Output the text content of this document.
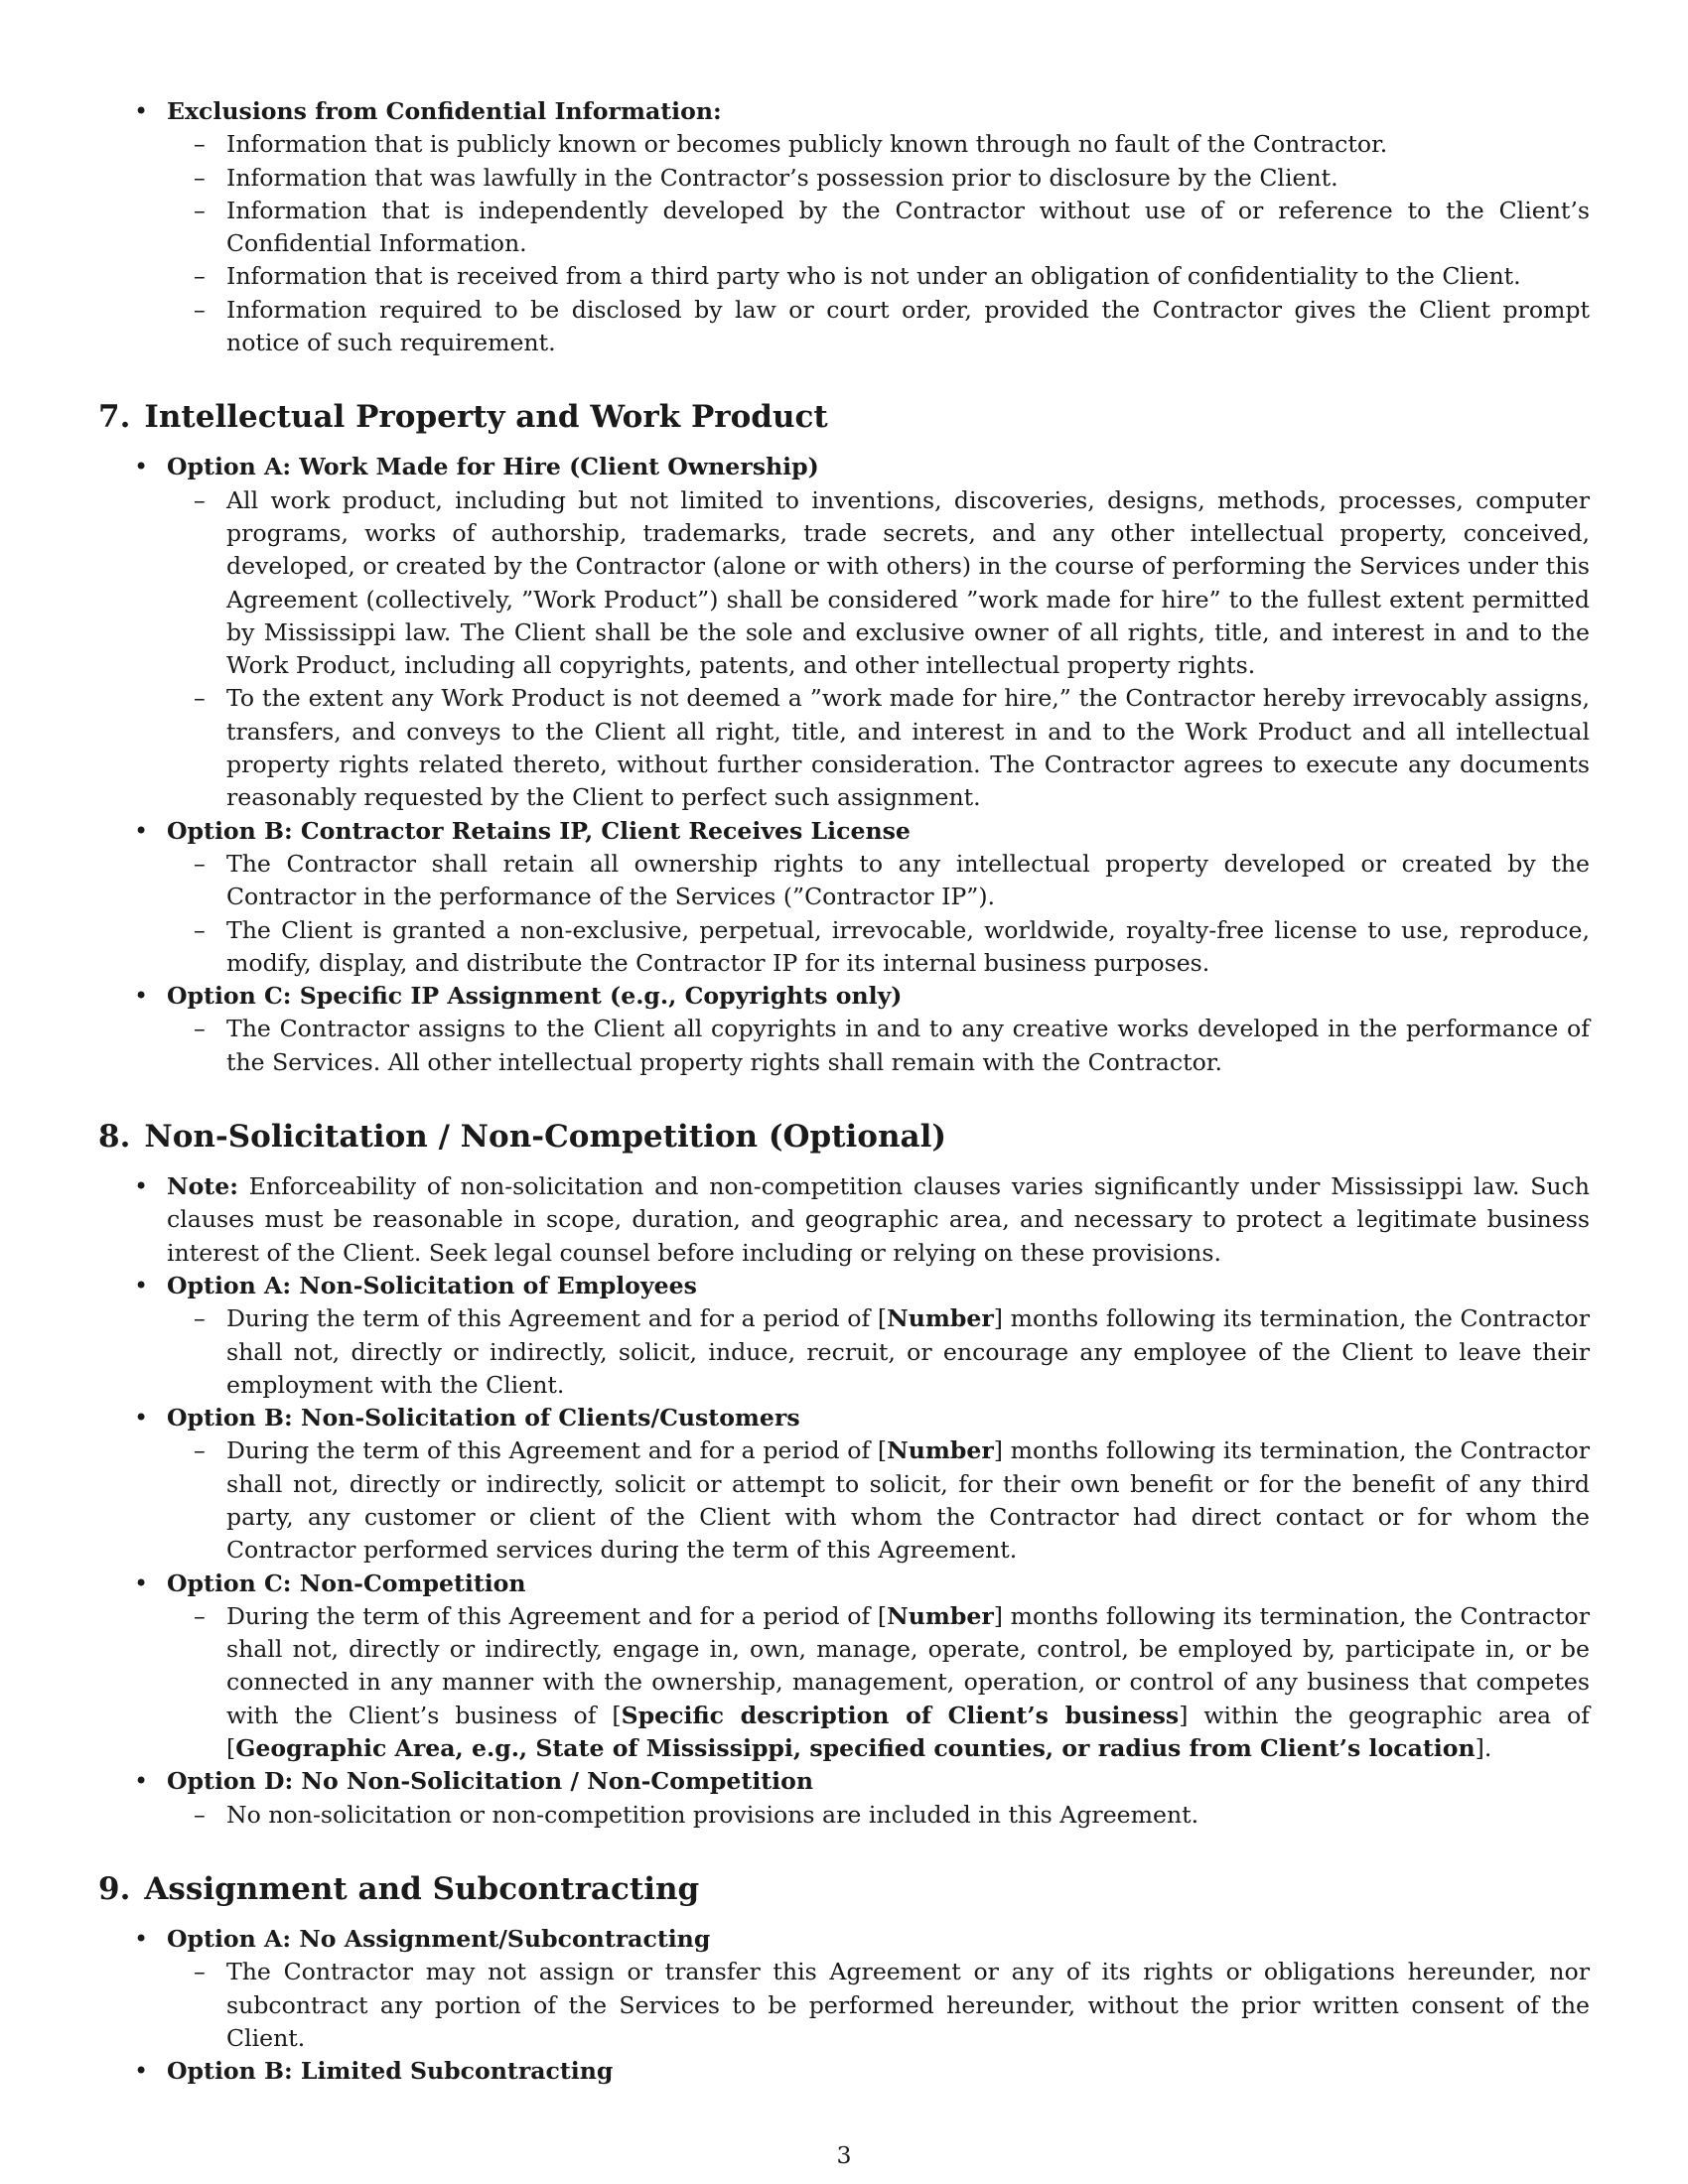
• Exclusions from Confidential Information:
– Information that is publicly known or becomes publicly known through no fault of the Contractor.
– Information that was lawfully in the Contractor’s possession prior to disclosure by the Client.
– Information that is independently developed by the Contractor without use of or reference to the Client’s Confidential Information.
– Information that is received from a third party who is not under an obligation of confidentiality to the Client.
– Information required to be disclosed by law or court order, provided the Contractor gives the Client prompt notice of such requirement.
7. Intellectual Property and Work Product
• Option A: Work Made for Hire (Client Ownership)
– All work product, including but not limited to inventions, discoveries, designs, methods, processes, computer programs, works of authorship, trademarks, trade secrets, and any other intellectual property, conceived, developed, or created by the Contractor (alone or with others) in the course of performing the Services under this Agreement (collectively, ”Work Product”) shall be considered ”work made for hire” to the fullest extent permitted by Mississippi law. The Client shall be the sole and exclusive owner of all rights, title, and interest in and to the Work Product, including all copyrights, patents, and other intellectual property rights.
– To the extent any Work Product is not deemed a ”work made for hire,” the Contractor hereby irrevocably assigns, transfers, and conveys to the Client all right, title, and interest in and to the Work Product and all intellectual property rights related thereto, without further consideration. The Contractor agrees to execute any documents reasonably requested by the Client to perfect such assignment.
• Option B: Contractor Retains IP, Client Receives License
– The Contractor shall retain all ownership rights to any intellectual property developed or created by the Contractor in the performance of the Services (”Contractor IP”).
– The Client is granted a non-exclusive, perpetual, irrevocable, worldwide, royalty-free license to use, reproduce, modify, display, and distribute the Contractor IP for its internal business purposes.
• Option C: Specific IP Assignment (e.g., Copyrights only)
– The Contractor assigns to the Client all copyrights in and to any creative works developed in the performance of the Services. All other intellectual property rights shall remain with the Contractor.
8. Non-Solicitation / Non-Competition (Optional)
• Note: Enforceability of non-solicitation and non-competition clauses varies significantly under Mississippi law. Such clauses must be reasonable in scope, duration, and geographic area, and necessary to protect a legitimate business interest of the Client. Seek legal counsel before including or relying on these provisions.
• Option A: Non-Solicitation of Employees
– During the term of this Agreement and for a period of [Number] months following its termination, the Contractor shall not, directly or indirectly, solicit, induce, recruit, or encourage any employee of the Client to leave their employment with the Client.
• Option B: Non-Solicitation of Clients/Customers
– During the term of this Agreement and for a period of [Number] months following its termination, the Contractor shall not, directly or indirectly, solicit or attempt to solicit, for their own benefit or for the benefit of any third party, any customer or client of the Client with whom the Contractor had direct contact or for whom the Contractor performed services during the term of this Agreement.
• Option C: Non-Competition
– During the term of this Agreement and for a period of [Number] months following its termination, the Contractor shall not, directly or indirectly, engage in, own, manage, operate, control, be employed by, participate in, or be connected in any manner with the ownership, management, operation, or control of any business that competes with the Client’s business of [Specific description of Client’s business] within the geographic area of [Geographic Area, e.g., State of Mississippi, specified counties, or radius from Client’s location].
• Option D: No Non-Solicitation / Non-Competition
– No non-solicitation or non-competition provisions are included in this Agreement.
9. Assignment and Subcontracting
• Option A: No Assignment/Subcontracting
– The Contractor may not assign or transfer this Agreement or any of its rights or obligations hereunder, nor subcontract any portion of the Services to be performed hereunder, without the prior written consent of the Client.
• Option B: Limited Subcontracting
3
